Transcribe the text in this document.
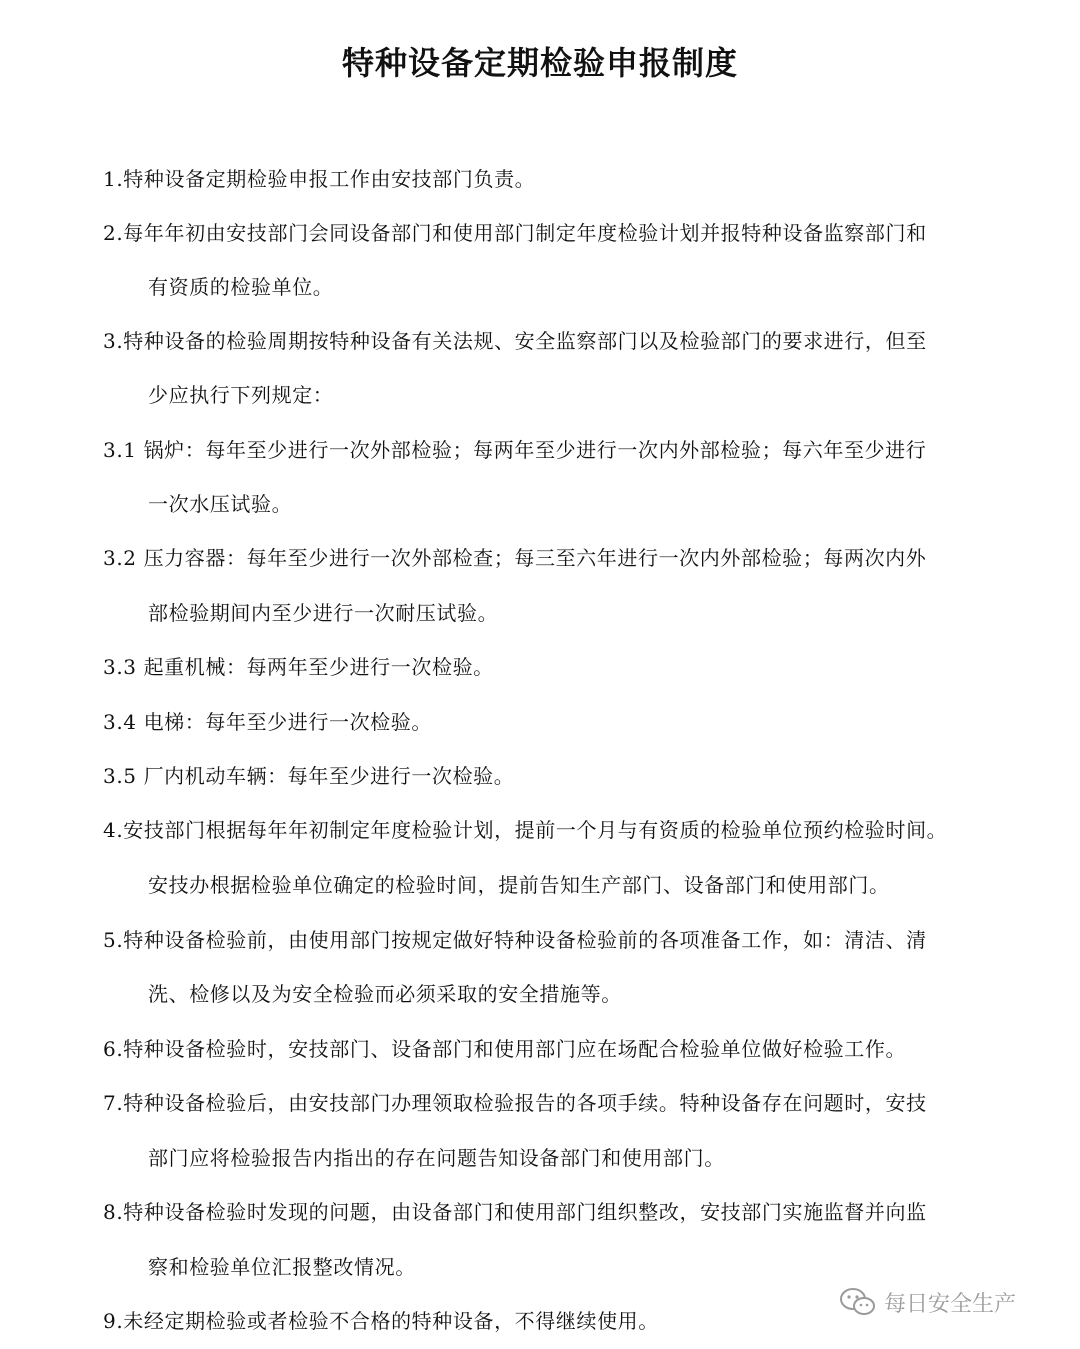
特种设备定期检验申报制度
1.特种设备定期检验申报工作由安技部门负责。
2.每年年初由安技部门会同设备部门和使用部门制定年度检验计划并报特种设备监察部门和
有资质的检验单位。
3.特种设备的检验周期按特种设备有关法规、安全监察部门以及检验部门的要求进行，但至
少应执行下列规定：
3.1 锅炉：每年至少进行一次外部检验；每两年至少进行一次内外部检验；每六年至少进行
一次水压试验。
3.2 压力容器：每年至少进行一次外部检查；每三至六年进行一次内外部检验；每两次内外
部检验期间内至少进行一次耐压试验。
3.3 起重机械：每两年至少进行一次检验。
3.4 电梯：每年至少进行一次检验。
3.5 厂内机动车辆：每年至少进行一次检验。
4.安技部门根据每年年初制定年度检验计划，提前一个月与有资质的检验单位预约检验时间。
安技办根据检验单位确定的检验时间，提前告知生产部门、设备部门和使用部门。
5.特种设备检验前，由使用部门按规定做好特种设备检验前的各项准备工作，如：清洁、清
洗、检修以及为安全检验而必须采取的安全措施等。
6.特种设备检验时，安技部门、设备部门和使用部门应在场配合检验单位做好检验工作。
7.特种设备检验后，由安技部门办理领取检验报告的各项手续。特种设备存在问题时，安技
部门应将检验报告内指出的存在问题告知设备部门和使用部门。
8.特种设备检验时发现的问题，由设备部门和使用部门组织整改，安技部门实施监督并向监
察和检验单位汇报整改情况。
9.未经定期检验或者检验不合格的特种设备，不得继续使用。
每日安全生产
